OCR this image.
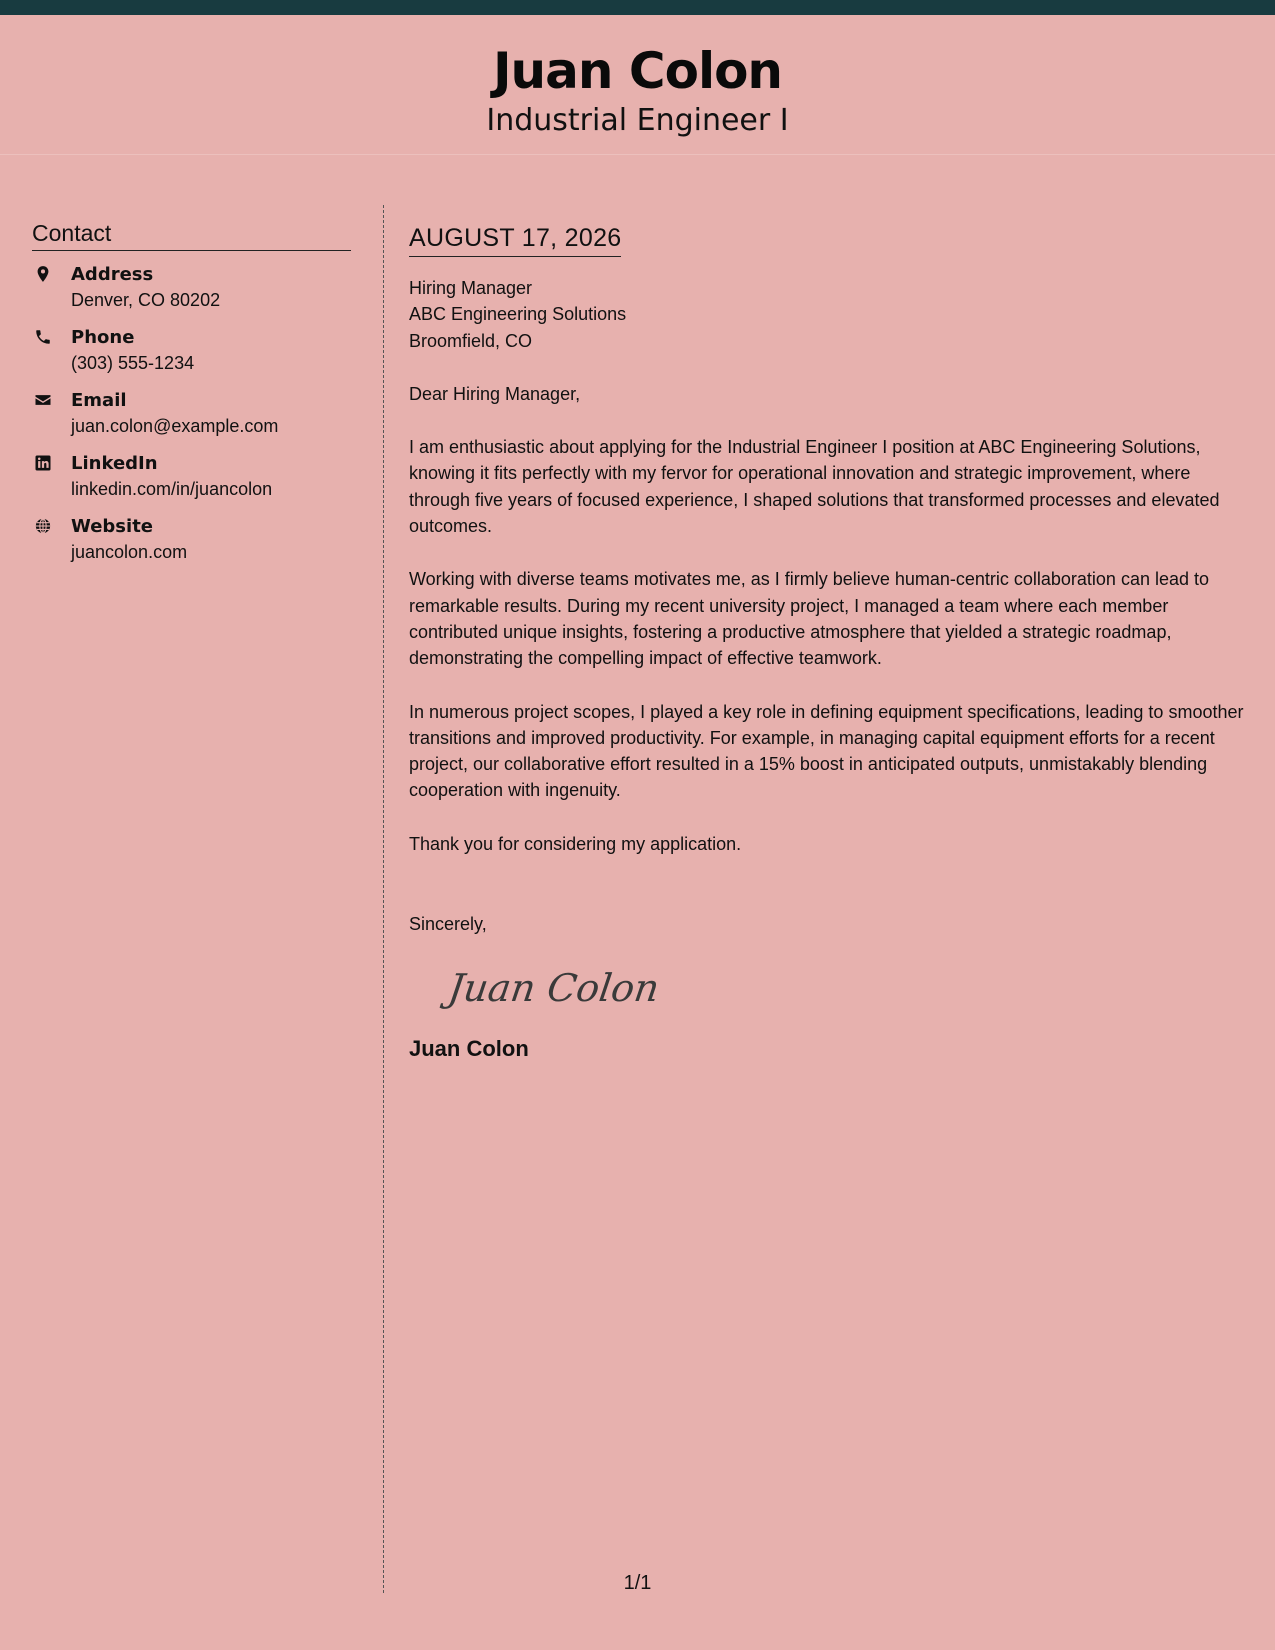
Juan Colon
Industrial Engineer I
Contact
Address
Denver, CO 80202
Phone
(303) 555-1234
Email
juan.colon@example.com
LinkedIn
linkedin.com/in/juancolon
Website
juancolon.com
AUGUST 17, 2026
Hiring Manager
ABC Engineering Solutions
Broomfield, CO

Dear Hiring Manager,

I am enthusiastic about applying for the Industrial Engineer I position at ABC Engineering Solutions, knowing it fits perfectly with my fervor for operational innovation and strategic improvement, where through five years of focused experience, I shaped solutions that transformed processes and elevated outcomes.

Working with diverse teams motivates me, as I firmly believe human-centric collaboration can lead to remarkable results. During my recent university project, I managed a team where each member contributed unique insights, fostering a productive atmosphere that yielded a strategic roadmap, demonstrating the compelling impact of effective teamwork.

In numerous project scopes, I played a key role in defining equipment specifications, leading to smoother transitions and improved productivity. For example, in managing capital equipment efforts for a recent project, our collaborative effort resulted in a 15% boost in anticipated outputs, unmistakably blending cooperation with ingenuity.

Thank you for considering my application.

Sincerely,

Juan Colon
Juan Colon
1/1
